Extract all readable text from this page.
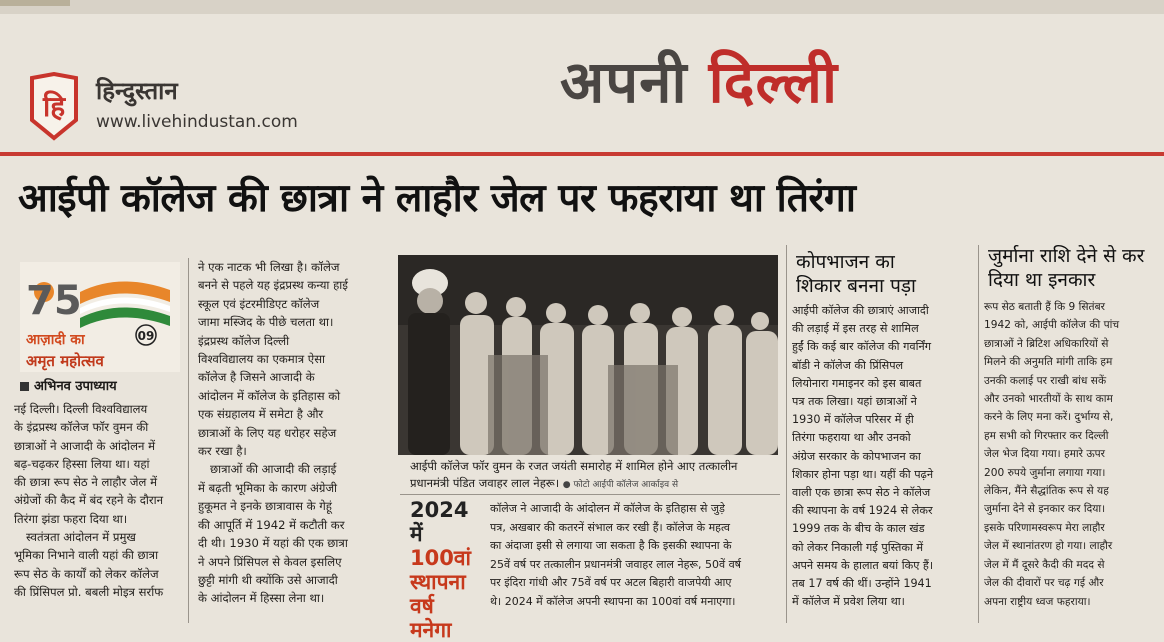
हि हिन्दुस्तान
www.livehindustan.com
अपनी दिल्ली
आईपी कॉलेज की छात्रा ने लाहौर जेल पर फहराया था तिरंगा
75
09
आज़ादी का
अमृत महोत्सव
अभिनव उपाध्याय

नई दिल्ली। दिल्ली विश्वविद्यालय

के इंद्रप्रस्थ कॉलेज फॉर वुमन की

छात्राओं ने आजादी के आंदोलन में

बढ़-चढ़कर हिस्सा लिया था। यहां

की छात्रा रूप सेठ ने लाहौर जेल में

अंग्रेजों की कैद में बंद रहने के दौरान

तिरंगा झंडा फहरा दिया था।

स्वतंत्रता आंदोलन में प्रमुख

भूमिका निभाने वाली यहां की छात्रा

रूप सेठ के कार्यों को लेकर कॉलेज

की प्रिंसिपल प्रो. बबली मोइत्र सर्राफ

ने एक नाटक भी लिखा है। कॉलेज

बनने से पहले यह इंद्रप्रस्थ कन्या हाई

स्कूल एवं इंटरमीडिएट कॉलेज

जामा मस्जिद के पीछे चलता था।

इंद्रप्रस्थ कॉलेज दिल्ली

विश्वविद्यालय का एकमात्र ऐसा

कॉलेज है जिसने आजादी के

आंदोलन में कॉलेज के इतिहास को

एक संग्रहालय में समेटा है और

छात्राओं के लिए यह धरोहर सहेज

कर रखा है।

छात्राओं की आजादी की लड़ाई

में बढ़ती भूमिका के कारण अंग्रेजी

हुकूमत ने इनके छात्रावास के गेहूं

की आपूर्ति में 1942 में कटौती कर

दी थी। 1930 में यहां की एक छात्रा

ने अपने प्रिंसिपल से केवल इसलिए

छुट्टी मांगी थी क्योंकि उसे आजादी

के आंदोलन में हिस्सा लेना था।

आईपी कॉलेज फॉर वुमन के रजत जयंती समारोह में शामिल होने आए तत्कालीन प्रधानमंत्री पंडित जवाहर लाल नेहरू। ● फोटो आईपी कॉलेज आर्काइव से
2024 में
100वां
स्थापना
वर्ष मनेगा

कॉलेज ने आजादी के आंदोलन में कॉलेज के इतिहास से जुड़े

पत्र, अखबार की कतरनें संभाल कर रखी हैं। कॉलेज के महत्व

का अंदाजा इसी से लगाया जा सकता है कि इसकी स्थापना के

25वें वर्ष पर तत्कालीन प्रधानमंत्री जवाहर लाल नेहरू, 50वें वर्ष

पर इंदिरा गांधी और 75वें वर्ष पर अटल बिहारी वाजपेयी आए

थे। 2024 में कॉलेज अपनी स्थापना का 100वां वर्ष मनाएगा।

कोपभाजन का
शिकार बनना पड़ा

आईपी कॉलेज की छात्राएं आजादी

की लड़ाई में इस तरह से शामिल

हुईं कि कई बार कॉलेज की गवर्निंग

बॉडी ने कॉलेज की प्रिंसिपल

लियोनारा गमाइनर को इस बाबत

पत्र तक लिखा। यहां छात्राओं ने

1930 में कॉलेज परिसर में ही

तिरंगा फहराया था और उनको

अंग्रेज सरकार के कोपभाजन का

शिकार होना पड़ा था। यहीं की पढ़ने

वाली एक छात्रा रूप सेठ ने कॉलेज

की स्थापना के वर्ष 1924 से लेकर

1999 तक के बीच के काल खंड

को लेकर निकाली गई पुस्तिका में

अपने समय के हालात बयां किए हैं।

तब 17 वर्ष की थीं। उन्होंने 1941

में कॉलेज में प्रवेश लिया था।

जुर्माना राशि देने से कर
दिया था इनकार

रूप सेठ बताती हैं कि 9 सितंबर

1942 को, आईपी कॉलेज की पांच

छात्राओं ने ब्रिटिश अधिकारियों से

मिलने की अनुमति मांगी ताकि हम

उनकी कलाई पर राखी बांध सकें

और उनको भारतीयों के साथ काम

करने के लिए मना करें। दुर्भाग्य से,

हम सभी को गिरफ्तार कर दिल्ली

जेल भेज दिया गया। हमारे ऊपर

200 रुपये जुर्माना लगाया गया।

लेकिन, मैंने सैद्धांतिक रूप से यह

जुर्माना देने से इनकार कर दिया।

इसके परिणामस्वरूप मेरा लाहौर

जेल में स्थानांतरण हो गया। लाहौर

जेल में मैं दूसरे कैदी की मदद से

जेल की दीवारों पर चढ़ गई और

अपना राष्ट्रीय ध्वज फहराया।
